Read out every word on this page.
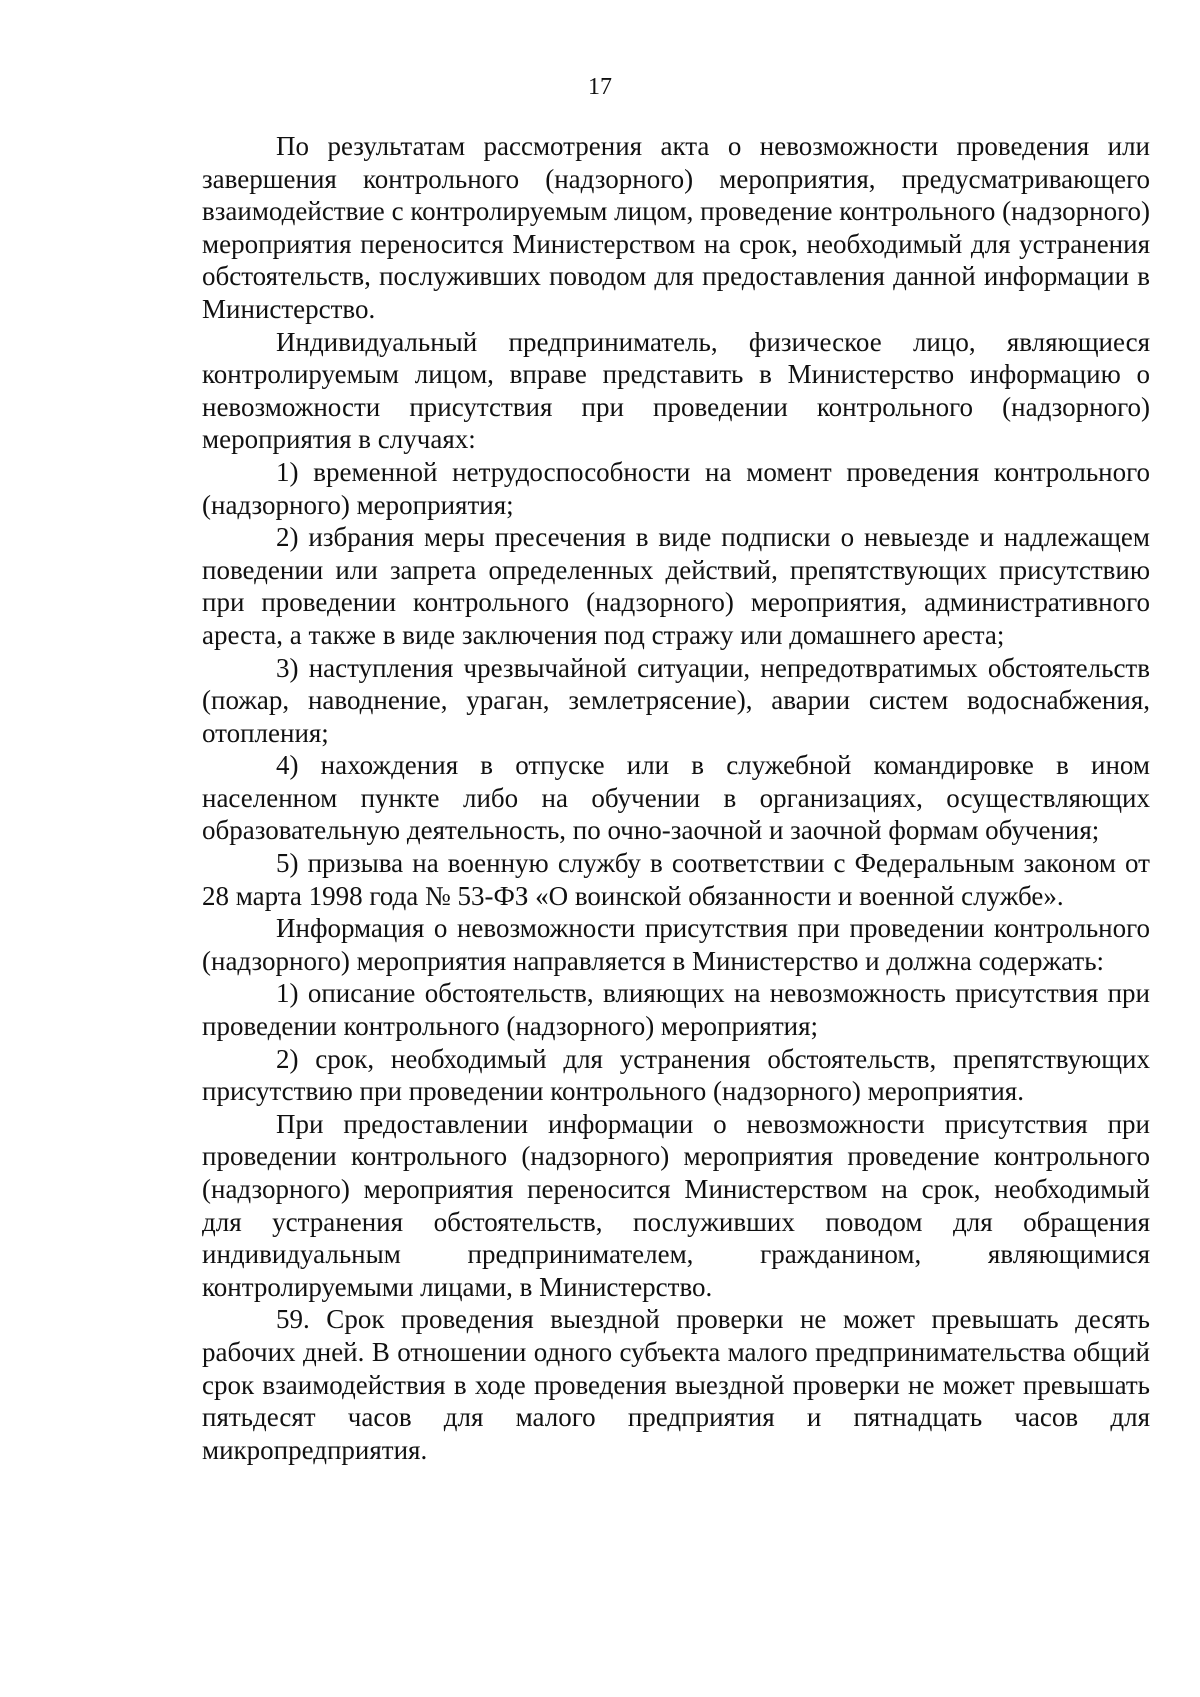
17

По результатам рассмотрения акта о невозможности проведения или завершения контрольного (надзорного) мероприятия, предусматривающего взаимодействие с контролируемым лицом, проведение контрольного (надзорного) мероприятия переносится Министерством на срок, необходимый для устранения обстоятельств, послуживших поводом для предоставления данной информации в Министерство.

Индивидуальный предприниматель, физическое лицо, являющиеся контролируемым лицом, вправе представить в Министерство информацию о невозможности присутствия при проведении контрольного (надзорного) мероприятия в случаях:

1) временной нетрудоспособности на момент проведения контрольного (надзорного) мероприятия;

2) избрания меры пресечения в виде подписки о невыезде и надлежащем поведении или запрета определенных действий, препятствующих присутствию при проведении контрольного (надзорного) мероприятия, административного ареста, а также в виде заключения под стражу или домашнего ареста;

3) наступления чрезвычайной ситуации, непредотвратимых обстоятельств (пожар, наводнение, ураган, землетрясение), аварии систем водоснабжения, отопления;

4) нахождения в отпуске или в служебной командировке в ином населенном пункте либо на обучении в организациях, осуществляющих образовательную деятельность, по очно-заочной и заочной формам обучения;

5) призыва на военную службу в соответствии с Федеральным законом от 28 марта 1998 года № 53-ФЗ «О воинской обязанности и военной службе».

Информация о невозможности присутствия при проведении контрольного (надзорного) мероприятия направляется в Министерство и должна содержать:

1) описание обстоятельств, влияющих на невозможность присутствия при проведении контрольного (надзорного) мероприятия;

2) срок, необходимый для устранения обстоятельств, препятствующих присутствию при проведении контрольного (надзорного) мероприятия.

При предоставлении информации о невозможности присутствия при проведении контрольного (надзорного) мероприятия проведение контрольного (надзорного) мероприятия переносится Министерством на срок, необходимый для устранения обстоятельств, послуживших поводом для обращения индивидуальным предпринимателем, гражданином, являющимися контролируемыми лицами, в Министерство.

59. Срок проведения выездной проверки не может превышать десять рабочих дней. В отношении одного субъекта малого предпринимательства общий срок взаимодействия в ходе проведения выездной проверки не может превышать пятьдесят часов для малого предприятия и пятнадцать часов для микропредприятия.
